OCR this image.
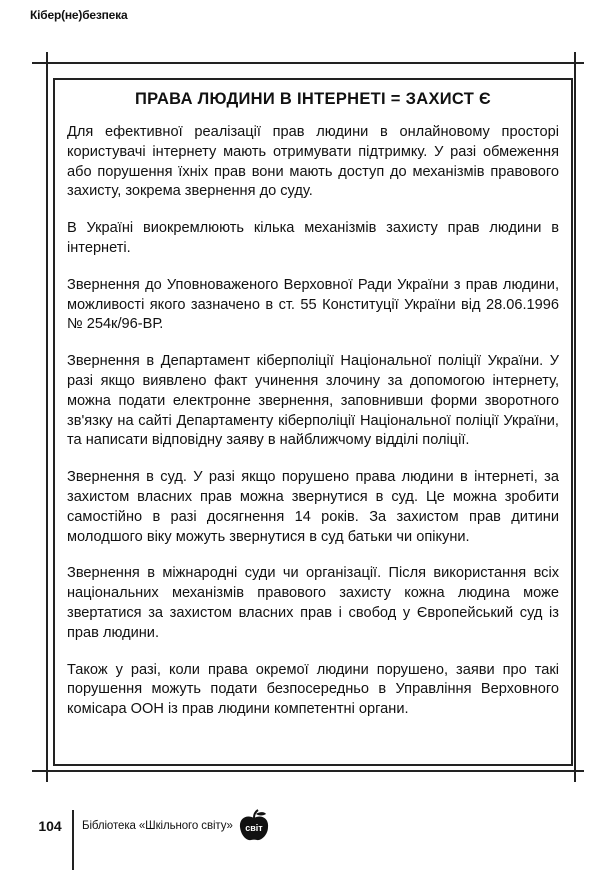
Кібер(не)безпека
ПРАВА ЛЮДИНИ В ІНТЕРНЕТІ = ЗАХИСТ Є

Для ефективної реалізації прав людини в онлайновому просторі користувачі інтернету мають отримувати підтримку. У разі обмеження або порушення їхніх прав вони мають доступ до механізмів правового захисту, зокрема звернення до суду.

В Україні виокремлюють кілька механізмів захисту прав людини в інтернеті.

Звернення до Уповноваженого Верховної Ради України з прав людини, можливості якого зазначено в ст. 55 Конституції України від 28.06.1996 № 254к/96-ВР.

Звернення в Департамент кіберполіції Національної поліції України. У разі якщо виявлено факт учинення злочину за допомогою інтернету, можна подати електронне звернення, заповнивши форми зворотного зв'язку на сайті Департаменту кіберполіції Національної поліції України, та написати відповідну заяву в найближчому відділі поліції.

Звернення в суд. У разі якщо порушено права людини в інтернеті, за захистом власних прав можна звернутися в суд. Це можна зробити самостійно в разі досягнення 14 років. За захистом прав дитини молодшого віку можуть звернутися в суд батьки чи опікуни.

Звернення в міжнародні суди чи організації. Після використання всіх національних механізмів правового захисту кожна людина може звертатися за захистом власних прав і свобод у Європейський суд із прав людини.

Також у разі, коли права окремої людини порушено, заяви про такі порушення можуть подати безпосередньо в Управління Верховного комісара ООН із прав людини компетентні органи.

104	Бібліотека «Шкільного світу» світ
